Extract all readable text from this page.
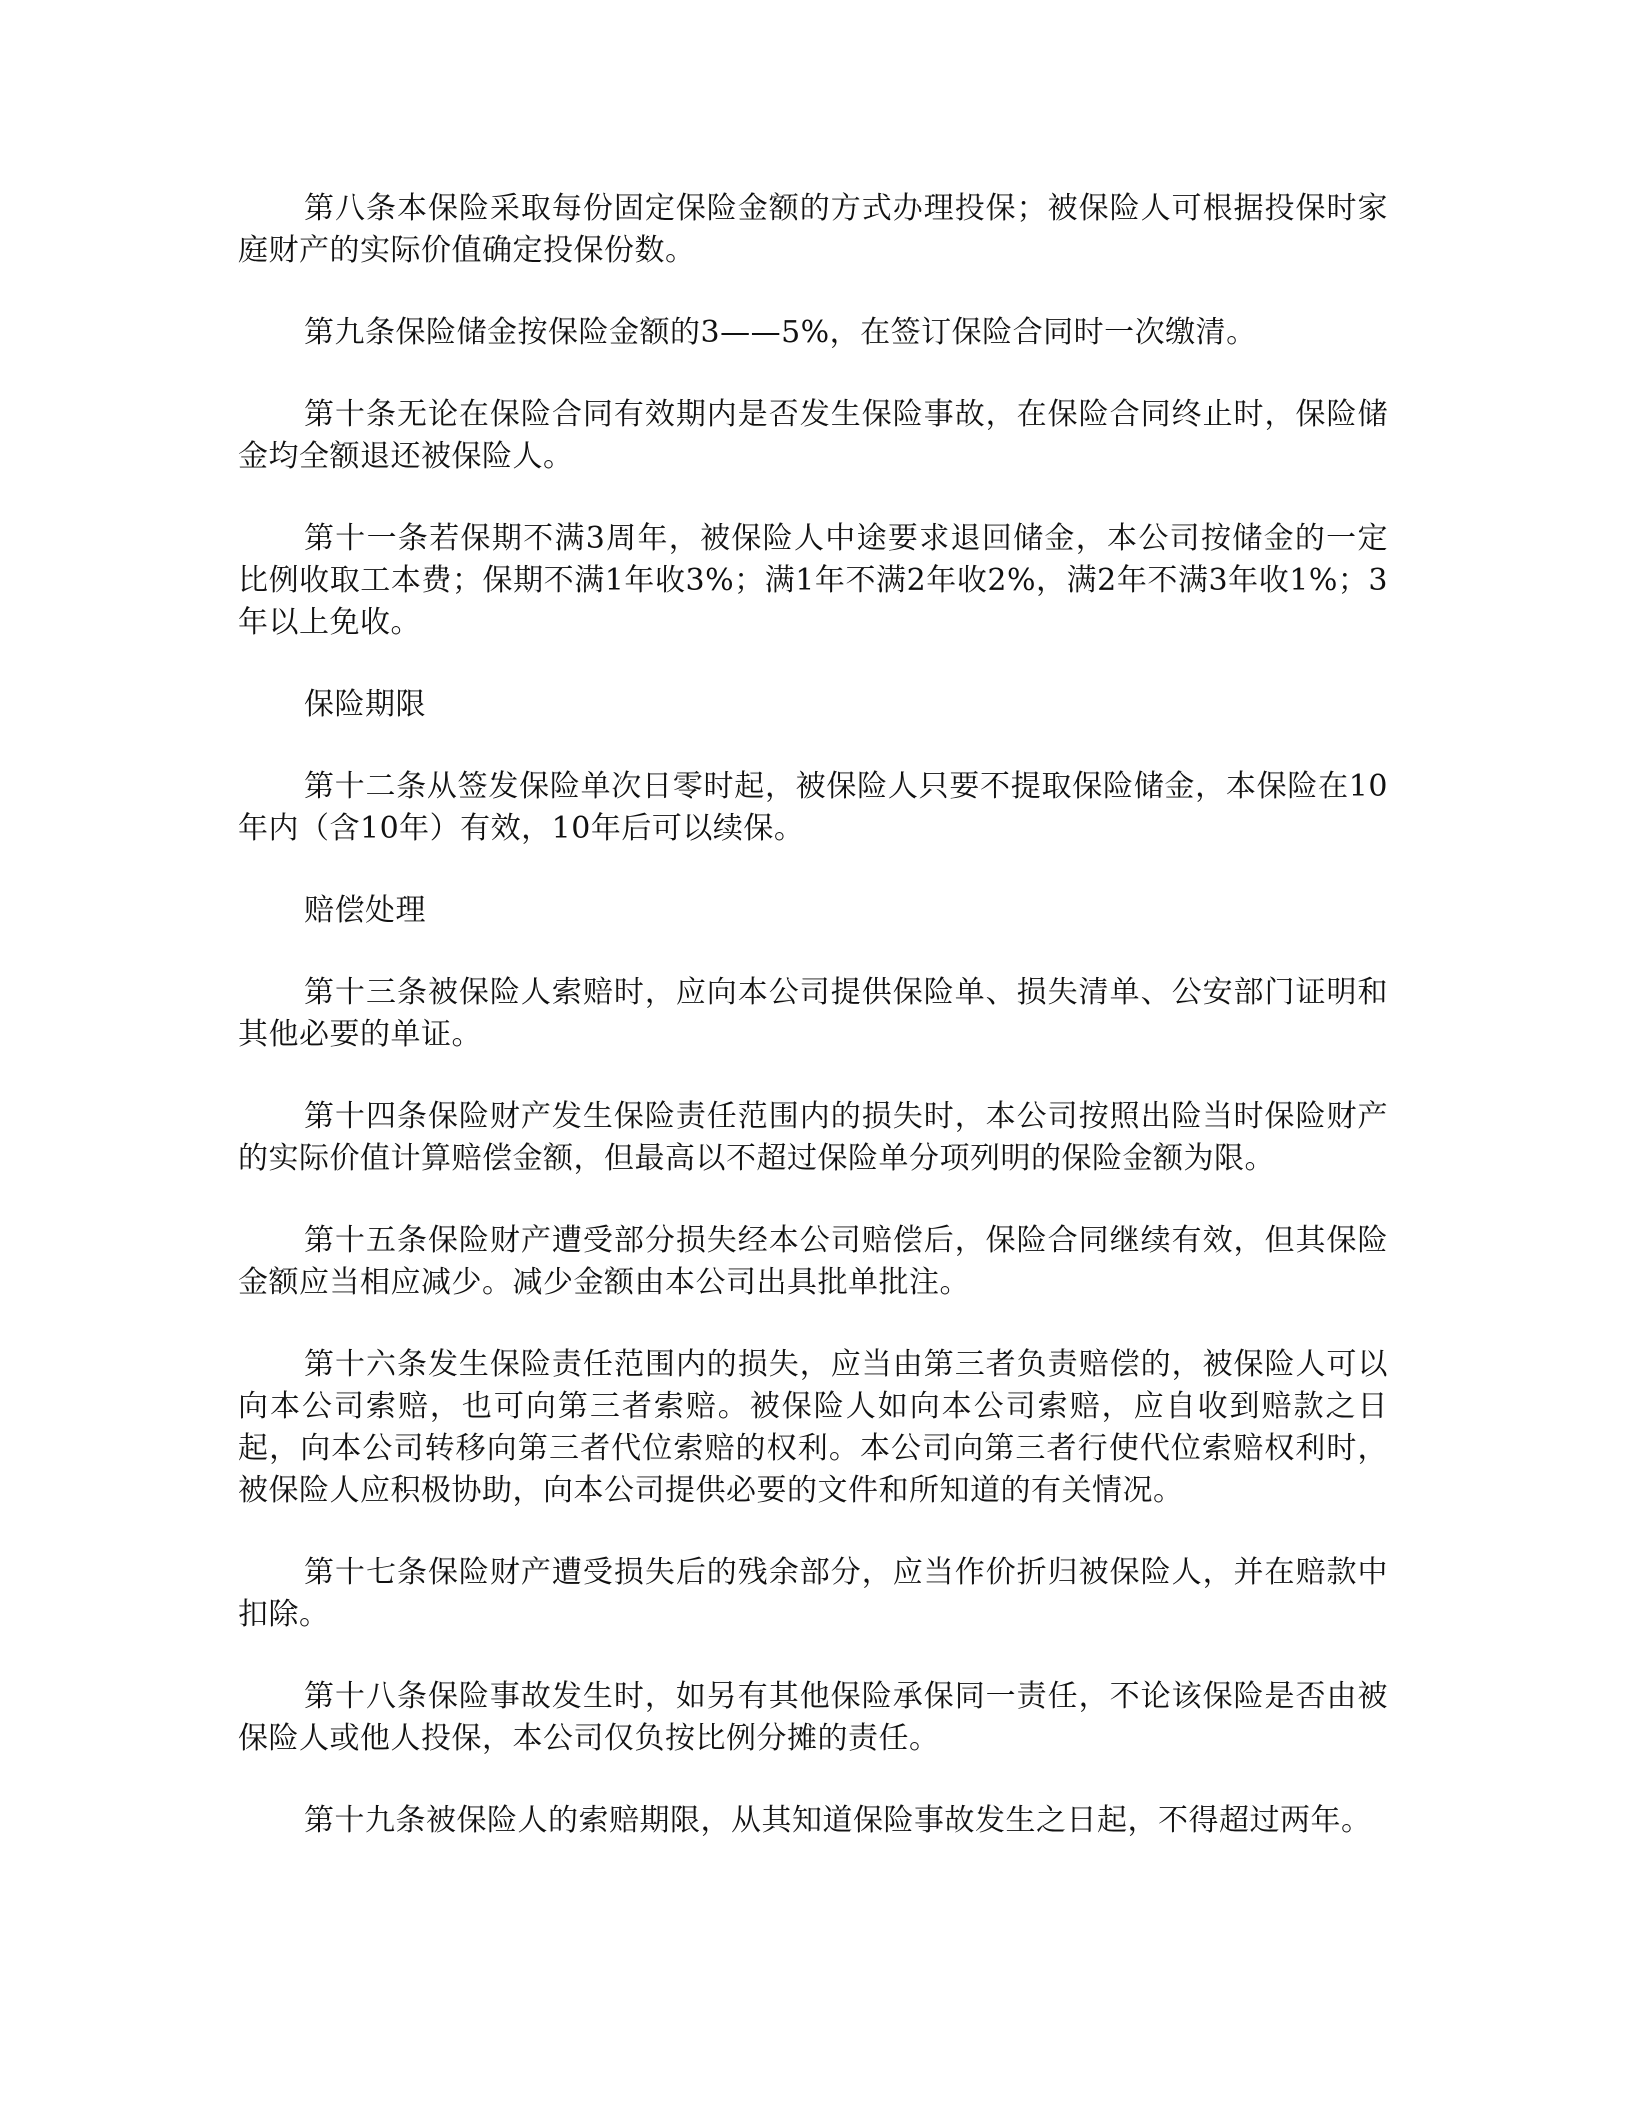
第八条本保险采取每份固定保险金额的方式办理投保；被保险人可根据投保时家庭财产的实际价值确定投保份数。

第九条保险储金按保险金额的3——5%，在签订保险合同时一次缴清。

第十条无论在保险合同有效期内是否发生保险事故，在保险合同终止时，保险储金均全额退还被保险人。

第十一条若保期不满3周年，被保险人中途要求退回储金，本公司按储金的一定比例收取工本费；保期不满1年收3%；满1年不满2年收2%，满2年不满3年收1%；3年以上免收。

保险期限

第十二条从签发保险单次日零时起，被保险人只要不提取保险储金，本保险在10年内（含10年）有效，10年后可以续保。

赔偿处理

第十三条被保险人索赔时，应向本公司提供保险单、损失清单、公安部门证明和其他必要的单证。

第十四条保险财产发生保险责任范围内的损失时，本公司按照出险当时保险财产的实际价值计算赔偿金额，但最高以不超过保险单分项列明的保险金额为限。

第十五条保险财产遭受部分损失经本公司赔偿后，保险合同继续有效，但其保险金额应当相应减少。减少金额由本公司出具批单批注。

第十六条发生保险责任范围内的损失，应当由第三者负责赔偿的，被保险人可以向本公司索赔，也可向第三者索赔。被保险人如向本公司索赔，应自收到赔款之日起，向本公司转移向第三者代位索赔的权利。本公司向第三者行使代位索赔权利时，被保险人应积极协助，向本公司提供必要的文件和所知道的有关情况。

第十七条保险财产遭受损失后的残余部分，应当作价折归被保险人，并在赔款中扣除。

第十八条保险事故发生时，如另有其他保险承保同一责任，不论该保险是否由被保险人或他人投保，本公司仅负按比例分摊的责任。

第十九条被保险人的索赔期限，从其知道保险事故发生之日起，不得超过两年。
